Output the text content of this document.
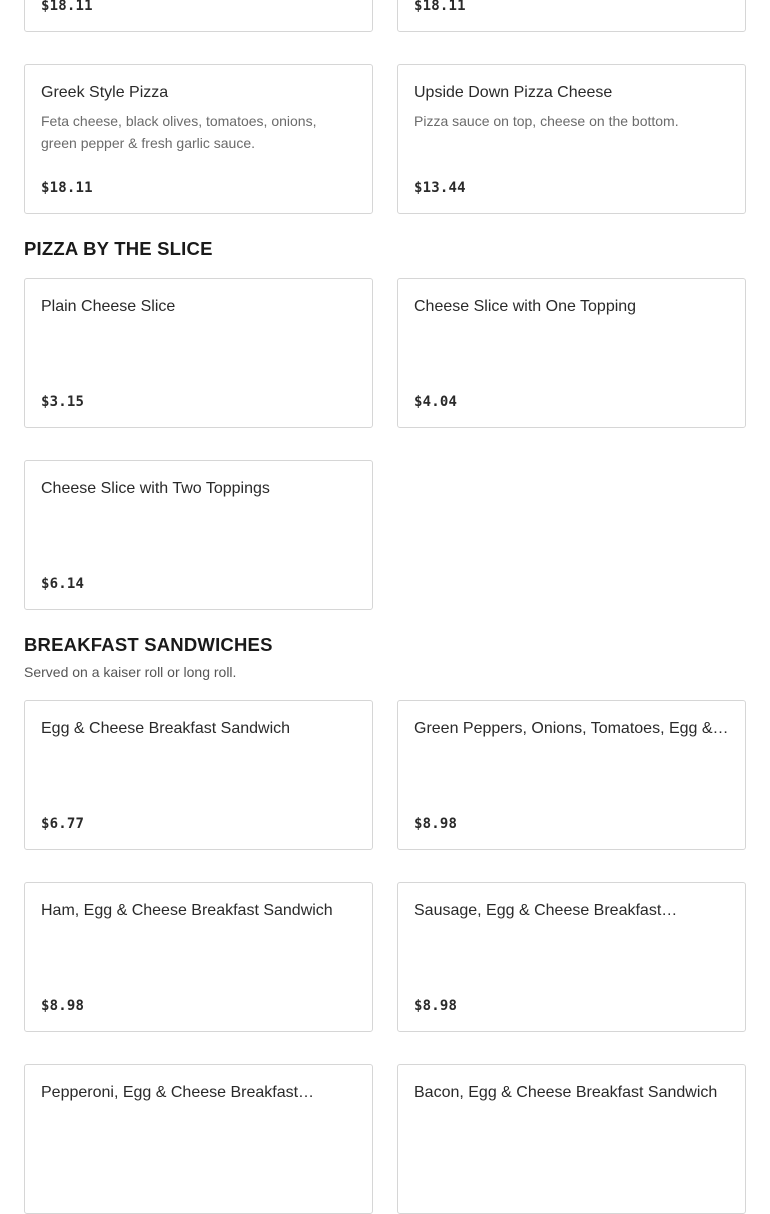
$18.11	$18.11
Greek Style Pizza
Feta cheese, black olives, tomatoes, onions, green pepper & fresh garlic sauce.
$18.11
Upside Down Pizza Cheese
Pizza sauce on top, cheese on the bottom.
$13.44
PIZZA BY THE SLICE
Plain Cheese Slice
$3.15
Cheese Slice with One Topping
$4.04
Cheese Slice with Two Toppings
$6.14
BREAKFAST SANDWICHES
Served on a kaiser roll or long roll.
Egg & Cheese Breakfast Sandwich
$6.77
Green Peppers, Onions, Tomatoes, Egg &…
$8.98
Ham, Egg & Cheese Breakfast Sandwich
$8.98
Sausage, Egg & Cheese Breakfast…
$8.98
Pepperoni, Egg & Cheese Breakfast…	Bacon, Egg & Cheese Breakfast Sandwich
